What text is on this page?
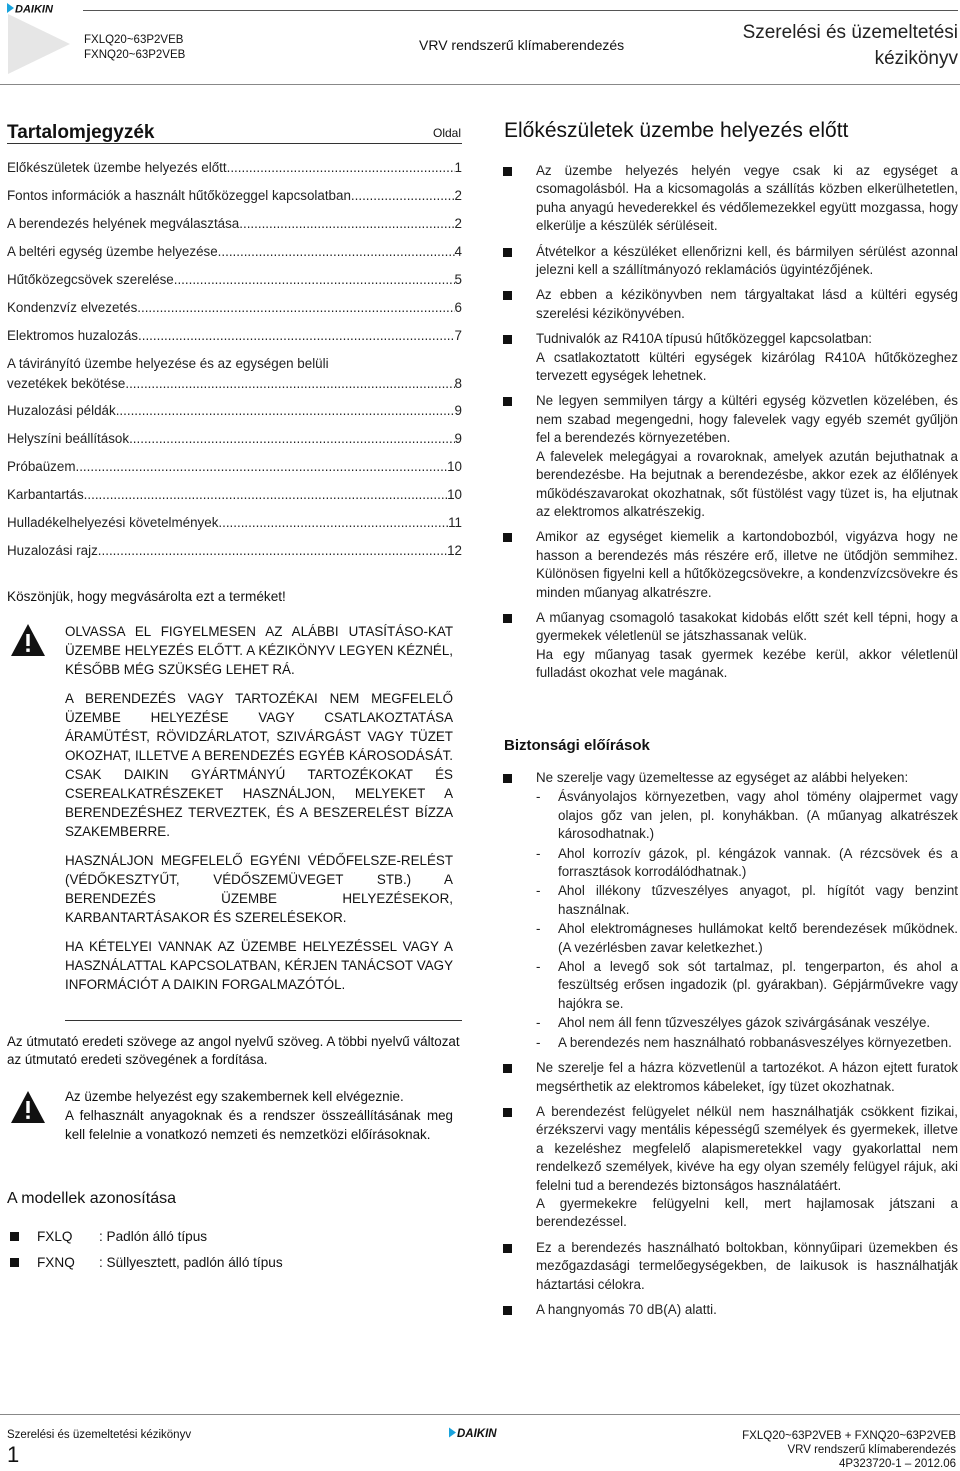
DAIKIN
FXLQ20~63P2VEB
FXNQ20~63P2VEB
VRV rendszerű klímaberendezés
Szerelési és üzemeltetési
kézikönyv
Tartalomjegyzék	Oldal
Előkészületek üzembe helyezés előtt .....	1
Fontos információk a használt hűtőközeggel kapcsolatban .....	2
A berendezés helyének megválasztása .....	2
A beltéri egység üzembe helyezése .....	4
Hűtőközegcsövek szerelése .....	5
Kondenzvíz elvezetés .....	6
Elektromos huzalozás .....	7
A távirányító üzembe helyezése és az egységen belüli
vezetékek bekötése .....	8
Huzalozási példák .....	9
Helyszíni beállítások .....	9
Próbaüzem .....	10
Karbantartás .....	10
Hulladékelhelyezési követelmények .....	11
Huzalozási rajz .....	12
Köszönjük, hogy megvásárolta ezt a terméket!

OLVASSA EL FIGYELMESEN AZ ALÁBBI UTASÍTÁSO-KAT ÜZEMBE HELYEZÉS ELŐTT. A KÉZIKÖNYV LEGYEN KÉZNÉL, KÉSŐBB MÉG SZÜKSÉG LEHET RÁ.

A BERENDEZÉS VAGY TARTOZÉKAI NEM MEGFELELŐ ÜZEMBE HELYEZÉSE VAGY CSATLAKOZTATÁSA ÁRAMÜTÉST, RÖVIDZÁRLATOT, SZIVÁRGÁST VAGY TÜZET OKOZHAT, ILLETVE A BERENDEZÉS EGYÉB KÁROSODÁSÁT. CSAK DAIKIN GYÁRTMÁNYÚ TARTOZÉKOKAT ÉS CSEREALKATRÉSZEKET HASZNÁLJON, MELYEKET A BERENDEZÉSHEZ TERVEZTEK, ÉS A BESZERELÉST BÍZZA SZAKEMBERRE.

HASZNÁLJON MEGFELELŐ EGYÉNI VÉDŐFELSZE-RELÉST (VÉDŐKESZTYŰT, VÉDŐSZEMÜVEGET STB.) A BERENDEZÉS ÜZEMBE HELYEZÉSEKOR, KARBANTARTÁSAKOR ÉS SZERELÉSEKOR.

HA KÉTELYEI VANNAK AZ ÜZEMBE HELYEZÉSSEL VAGY A HASZNÁLATTAL KAPCSOLATBAN, KÉRJEN TANÁCSOT VAGY INFORMÁCIÓT A DAIKIN FORGALMAZÓTÓL.

Az útmutató eredeti szövege az angol nyelvű szöveg. A többi nyelvű változat az útmutató eredeti szövegének a fordítása.
Az üzembe helyezést egy szakembernek kell elvégeznie.
A felhasznált anyagoknak és a rendszer összeállításának meg kell felelnie a vonatkozó nemzeti és nemzetközi előírásoknak.
A modellek azonosítása
FXLQ	: Padlón álló típus
FXNQ	: Süllyesztett, padlón álló típus
Előkészületek üzembe helyezés előtt
Az üzembe helyezés helyén vegye csak ki az egységet a csomagolásból. Ha a kicsomagolás a szállítás közben elkerülhetetlen, puha anyagú hevederekkel és védőlemezekkel együtt mozgassa, hogy elkerülje a készülék sérüléseit.
Átvételkor a készüléket ellenőrizni kell, és bármilyen sérülést azonnal jelezni kell a szállítmányozó reklamációs ügyintézőjének.
Az ebben a kézikönyvben nem tárgyaltakat lásd a kültéri egység szerelési kézikönyvében.
Tudnivalók az R410A típusú hűtőközeggel kapcsolatban:
A csatlakoztatott kültéri egységek kizárólag R410A hűtőközeghez tervezett egységek lehetnek.
Ne legyen semmilyen tárgy a kültéri egység közvetlen közelében, és nem szabad megengedni, hogy falevelek vagy egyéb szemét gyűljön fel a berendezés környezetében.
A falevelek melegágyai a rovaroknak, amelyek azután bejuthatnak a berendezésbe. Ha bejutnak a berendezésbe, akkor ezek az élőlények működészavarokat okozhatnak, sőt füstölést vagy tüzet is, ha eljutnak az elektromos alkatrészekig.
Amikor az egységet kiemelik a kartondobozból, vigyázva hogy ne hasson a berendezés más részére erő, illetve ne ütődjön semmihez. Különösen figyelni kell a hűtőközegcsövekre, a kondenzvízcsövekre és minden műanyag alkatrészre.
A műanyag csomagoló tasakokat kidobás előtt szét kell tépni, hogy a gyermekek véletlenül se játszhassanak velük.
Ha egy műanyag tasak gyermek kezébe kerül, akkor véletlenül fulladást okozhat vele magának.
Biztonsági előírások
Ne szerelje vagy üzemeltesse az egységet az alábbi helyeken:
-	Ásványolajos környezetben, vagy ahol tömény olajpermet vagy olajos gőz van jelen, pl. konyhákban. (A műanyag alkatrészek károsodhatnak.)
-	Ahol korrozív gázok, pl. kéngázok vannak. (A rézcsövek és a forrasztások korrodálódhatnak.)
-	Ahol illékony tűzveszélyes anyagot, pl. hígítót vagy benzint használnak.
-	Ahol elektromágneses hullámokat keltő berendezések működnek. (A vezérlésben zavar keletkezhet.)
-	Ahol a levegő sok sót tartalmaz, pl. tengerparton, és ahol a feszültség erősen ingadozik (pl. gyárakban). Gépjárművekre vagy hajókra se.
-	Ahol nem áll fenn tűzveszélyes gázok szivárgásának veszélye.
-	A berendezés nem használható robbanásveszélyes környezetben.
Ne szerelje fel a házra közvetlenül a tartozékot. A házon ejtett furatok megsérthetik az elektromos kábeleket, így tüzet okozhatnak.
A berendezést felügyelet nélkül nem használhatják csökkent fizikai, érzékszervi vagy mentális képességű személyek és gyermekek, illetve a kezeléshez megfelelő alapismeretekkel vagy gyakorlattal nem rendelkező személyek, kivéve ha egy olyan személy felügyel rájuk, aki felelni tud a berendezés biztonságos használatáért.
A gyermekekre felügyelni kell, mert hajlamosak játszani a berendezéssel.
Ez a berendezés használható boltokban, könnyűipari üzemekben és mezőgazdasági termelőegységekben, de laikusok is használhatják háztartási célokra.
A hangnyomás 70 dB(A) alatti.
Szerelési és üzemeltetési kézikönyv
1
DAIKIN	FXLQ20~63P2VEB + FXNQ20~63P2VEB
VRV rendszerű klímaberendezés
4P323720-1 – 2012.06
